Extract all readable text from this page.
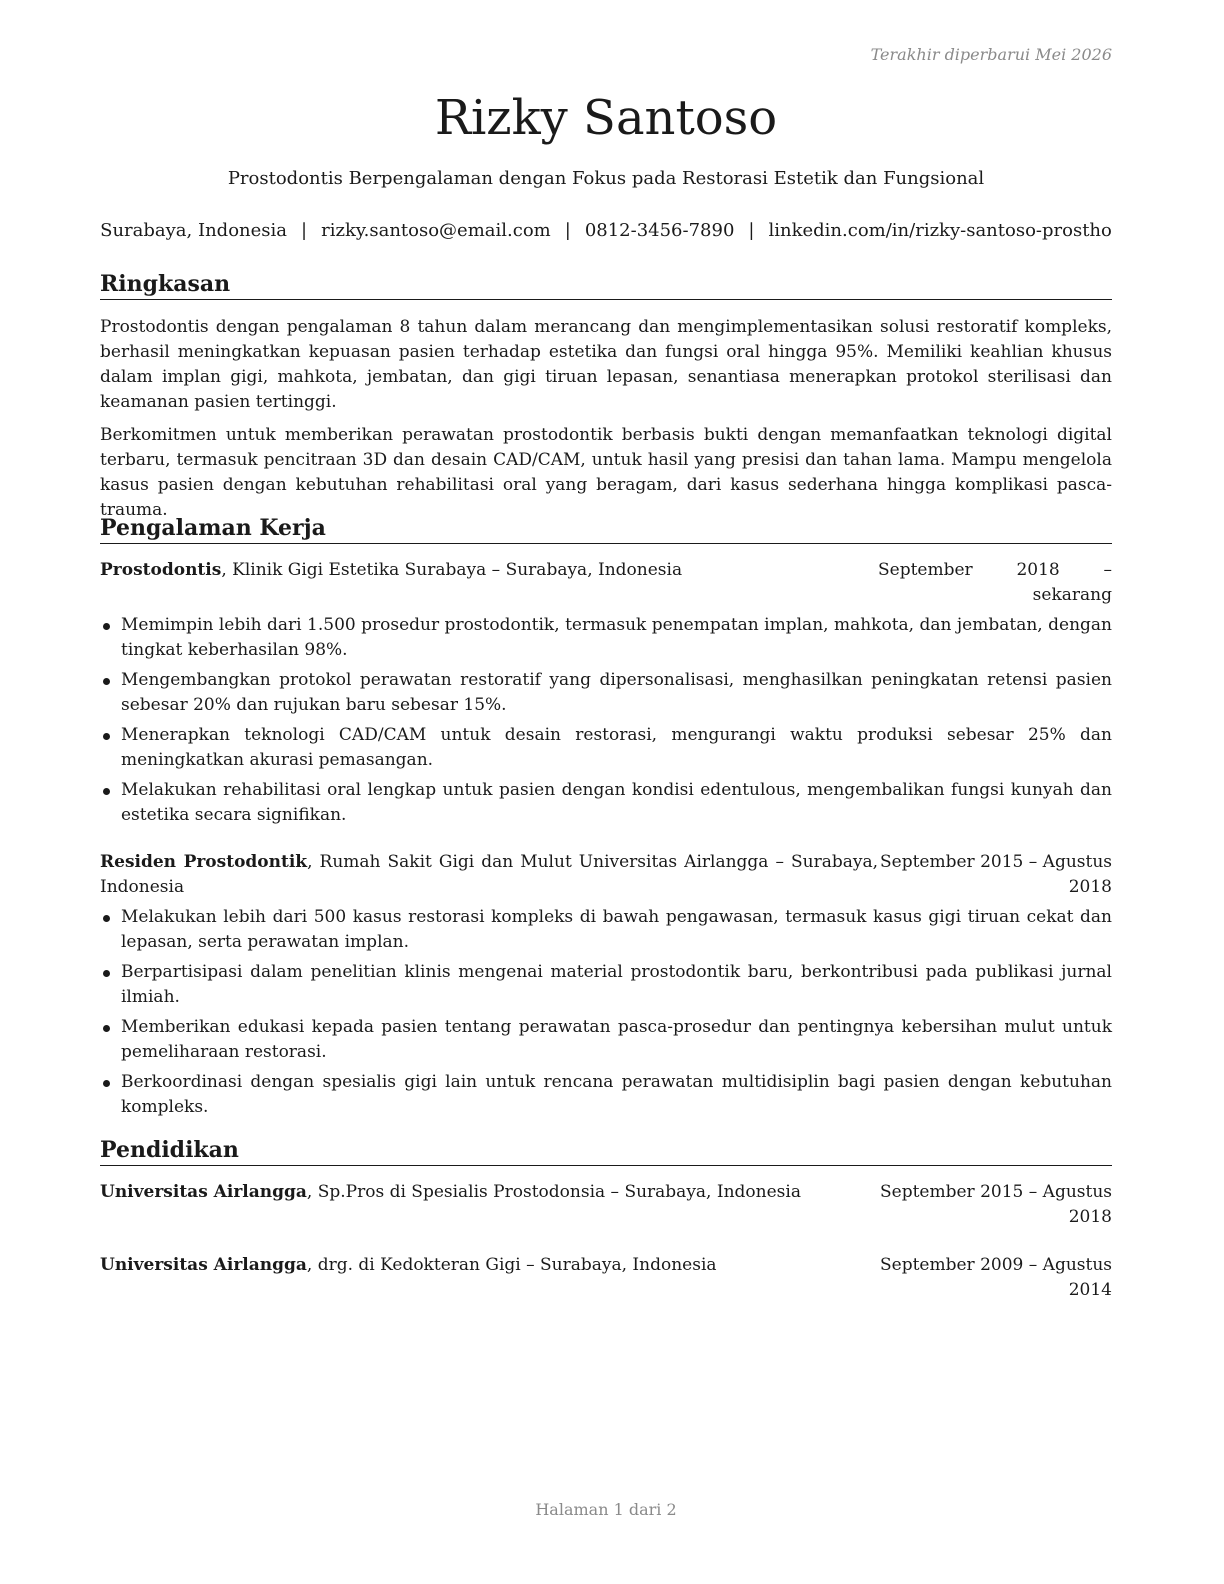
Terakhir diperbarui Mei 2026
Rizky Santoso
Prostodontis Berpengalaman dengan Fokus pada Restorasi Estetik dan Fungsional
Surabaya, Indonesia | rizky.santoso@email.com | 0812-3456-7890 | linkedin.com/in/rizky-santoso-prostho
Ringkasan

Prostodontis dengan pengalaman 8 tahun dalam merancang dan mengimplementasikan solusi restoratif kompleks, berhasil meningkatkan kepuasan pasien terhadap estetika dan fungsi oral hingga 95%. Memiliki keahlian khusus dalam implan gigi, mahkota, jembatan, dan gigi tiruan lepasan, senantiasa menerapkan protokol sterilisasi dan keamanan pasien tertinggi.

Berkomitmen untuk memberikan perawatan prostodontik berbasis bukti dengan memanfaatkan teknologi digital terbaru, termasuk pencitraan 3D dan desain CAD/CAM, untuk hasil yang presisi dan tahan lama. Mampu mengelola kasus pasien dengan kebutuhan rehabilitasi oral yang beragam, dari kasus sederhana hingga komplikasi pasca-trauma.

Pengalaman Kerja
Prostodontis, Klinik Gigi Estetika Surabaya – Surabaya, Indonesia	September	2018	–
sekarang
Memimpin lebih dari 1.500 prosedur prostodontik, termasuk penempatan implan, mahkota, dan jembatan, dengan tingkat keberhasilan 98%.
Mengembangkan protokol perawatan restoratif yang dipersonalisasi, menghasilkan peningkatan retensi pasien sebesar 20% dan rujukan baru sebesar 15%.
Menerapkan teknologi CAD/CAM untuk desain restorasi, mengurangi waktu produksi sebesar 25% dan meningkatkan akurasi pemasangan.
Melakukan rehabilitasi oral lengkap untuk pasien dengan kondisi edentulous, mengembalikan fungsi kunyah dan estetika secara signifikan.
Residen Prostodontik, Rumah Sakit Gigi dan Mulut Universitas Airlangga – Surabaya,
Indonesia
September 2015 – Agustus
2018
Melakukan lebih dari 500 kasus restorasi kompleks di bawah pengawasan, termasuk kasus gigi tiruan cekat dan lepasan, serta perawatan implan.
Berpartisipasi dalam penelitian klinis mengenai material prostodontik baru, berkontribusi pada publikasi jurnal ilmiah.
Memberikan edukasi kepada pasien tentang perawatan pasca-prosedur dan pentingnya kebersihan mulut untuk pemeliharaan restorasi.
Berkoordinasi dengan spesialis gigi lain untuk rencana perawatan multidisiplin bagi pasien dengan kebutuhan kompleks.
Pendidikan
Universitas Airlangga, Sp.Pros di Spesialis Prostodonsia – Surabaya, Indonesia	September 2015 – Agustus
2018
Universitas Airlangga, drg. di Kedokteran Gigi – Surabaya, Indonesia	September 2009 – Agustus
2014
Halaman 1 dari 2
